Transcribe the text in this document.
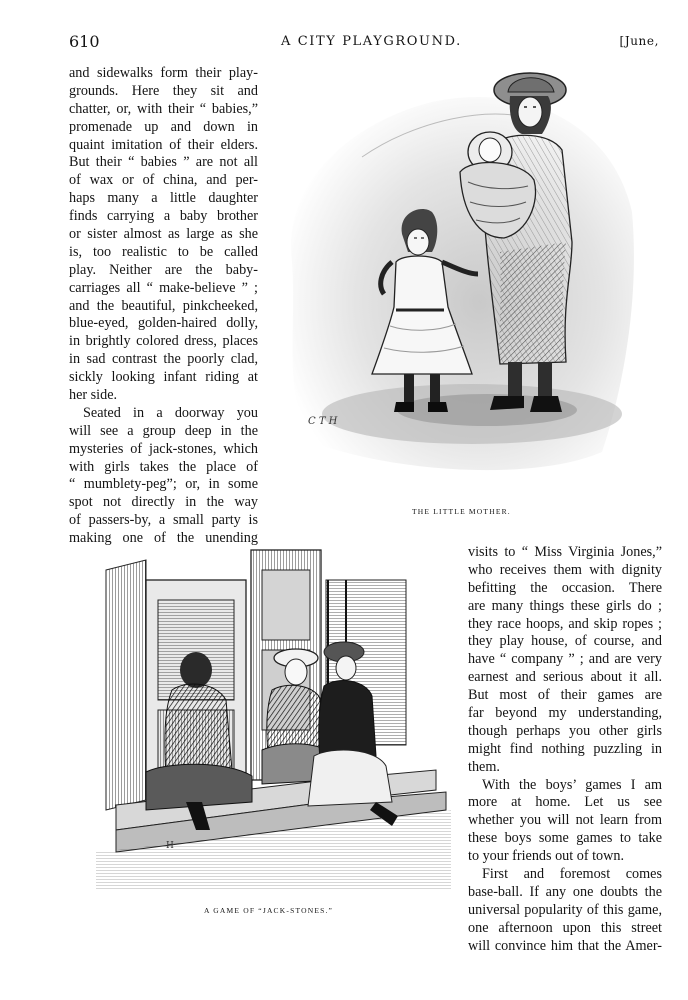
610	A CITY PLAYGROUND.	[June,
and sidewalks form their play-
grounds. Here they sit and
chatter, or, with their “ babies,”
promenade up and down in
quaint imitation of their elders.
But their “ babies ” are not all
of wax or of china, and per-
haps many a little daughter
finds carrying a baby brother
or sister almost as large as she
is, too realistic to be called
play. Neither are the baby-
carriages all “ make-believe ” ;
and the beautiful, pinkcheeked,
blue-eyed, golden-haired dolly,
in brightly colored dress, places
in sad contrast the poorly clad,
sickly looking infant riding at
her side.
Seated in a doorway you
will see a group deep in the
mysteries of jack-stones, which
with girls takes the place of
“ mumblety-peg”; or, in some
spot not directly in the way
of passers-by, a small party is
making one of the unending
C T H
THE LITTLE MOTHER.
visits to “ Miss Virginia Jones,”
who receives them with dignity
befitting the occasion. There
are many things these girls do ;
they race hoops, and skip ropes ;
they play house, of course, and
have “ company ” ; and are very
earnest and serious about it all.
But most of their games are
far beyond my understanding,
though perhaps you other girls
might find nothing puzzling in
them.
With the boys’ games I am
more at home. Let us see
whether you will not learn from
these boys some games to take
to your friends out of town.
First and foremost comes
base-ball. If any one doubts the
universal popularity of this game,
one afternoon upon this street
will convince him that the Amer-
H
A GAME OF “JACK-STONES.”
